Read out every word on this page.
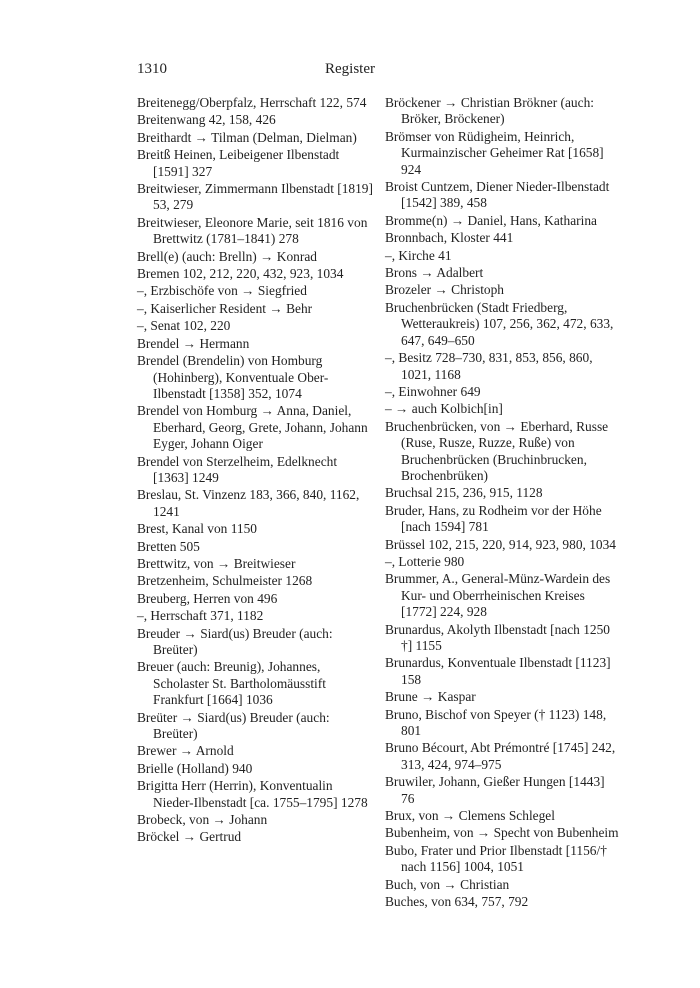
1310	Register
Breitenegg/Oberpfalz, Herrschaft 122, 574
Breitenwang 42, 158, 426
Breithardt → Tilman (Delman, Dielman)
Breitß Heinen, Leibeigener Ilbenstadt [1591] 327
Breitwieser, Zimmermann Ilbenstadt [1819] 53, 279
Breitwieser, Eleonore Marie, seit 1816 von Brettwitz (1781–1841) 278
Brell(e) (auch: Brelln) → Konrad
Bremen 102, 212, 220, 432, 923, 1034
–, Erzbischöfe von → Siegfried
–, Kaiserlicher Resident → Behr
–, Senat 102, 220
Brendel → Hermann
Brendel (Brendelin) von Homburg (Hohinberg), Konventuale Ober-Ilbenstadt [1358] 352, 1074
Brendel von Homburg → Anna, Daniel, Eberhard, Georg, Grete, Johann, Johann Eyger, Johann Oiger
Brendel von Sterzelheim, Edelknecht [1363] 1249
Breslau, St. Vinzenz 183, 366, 840, 1162, 1241
Brest, Kanal von 1150
Bretten 505
Brettwitz, von → Breitwieser
Bretzenheim, Schulmeister 1268
Breuberg, Herren von 496
–, Herrschaft 371, 1182
Breuder → Siard(us) Breuder (auch: Breüter)
Breuer (auch: Breunig), Johannes, Scholaster St. Bartholomäusstift Frankfurt [1664] 1036
Breüter → Siard(us) Breuder (auch: Breüter)
Brewer → Arnold
Brielle (Holland) 940
Brigitta Herr (Herrin), Konventualin Nieder-Ilbenstadt [ca. 1755–1795] 1278
Brobeck, von → Johann
Bröckel → Gertrud
Bröckener → Christian Brökner (auch: Bröker, Bröckener)
Brömser von Rüdigheim, Heinrich, Kurmainzischer Geheimer Rat [1658] 924
Broist Cuntzem, Diener Nieder-Ilbenstadt [1542] 389, 458
Bromme(n) → Daniel, Hans, Katharina
Bronnbach, Kloster 441
–, Kirche 41
Brons → Adalbert
Brozeler → Christoph
Bruchenbrücken (Stadt Friedberg, Wetteraukreis) 107, 256, 362, 472, 633, 647, 649–650
–, Besitz 728–730, 831, 853, 856, 860, 1021, 1168
–, Einwohner 649
– → auch Kolbich[in]
Bruchenbrücken, von → Eberhard, Russe (Ruse, Rusze, Ruzze, Ruße) von Bruchenbrücken (Bruchinbrucken, Brochenbrüken)
Bruchsal 215, 236, 915, 1128
Bruder, Hans, zu Rodheim vor der Höhe [nach 1594] 781
Brüssel 102, 215, 220, 914, 923, 980, 1034
–, Lotterie 980
Brummer, A., General-Münz-Wardein des Kur- und Oberrheinischen Kreises [1772] 224, 928
Brunardus, Akolyth Ilbenstadt [nach 1250 †] 1155
Brunardus, Konventuale Ilbenstadt [1123] 158
Brune → Kaspar
Bruno, Bischof von Speyer († 1123) 148, 801
Bruno Bécourt, Abt Prémontré [1745] 242, 313, 424, 974–975
Bruwiler, Johann, Gießer Hungen [1443] 76
Brux, von → Clemens Schlegel
Bubenheim, von → Specht von Bubenheim
Bubo, Frater und Prior Ilbenstadt [1156/† nach 1156] 1004, 1051
Buch, von → Christian
Buches, von 634, 757, 792
